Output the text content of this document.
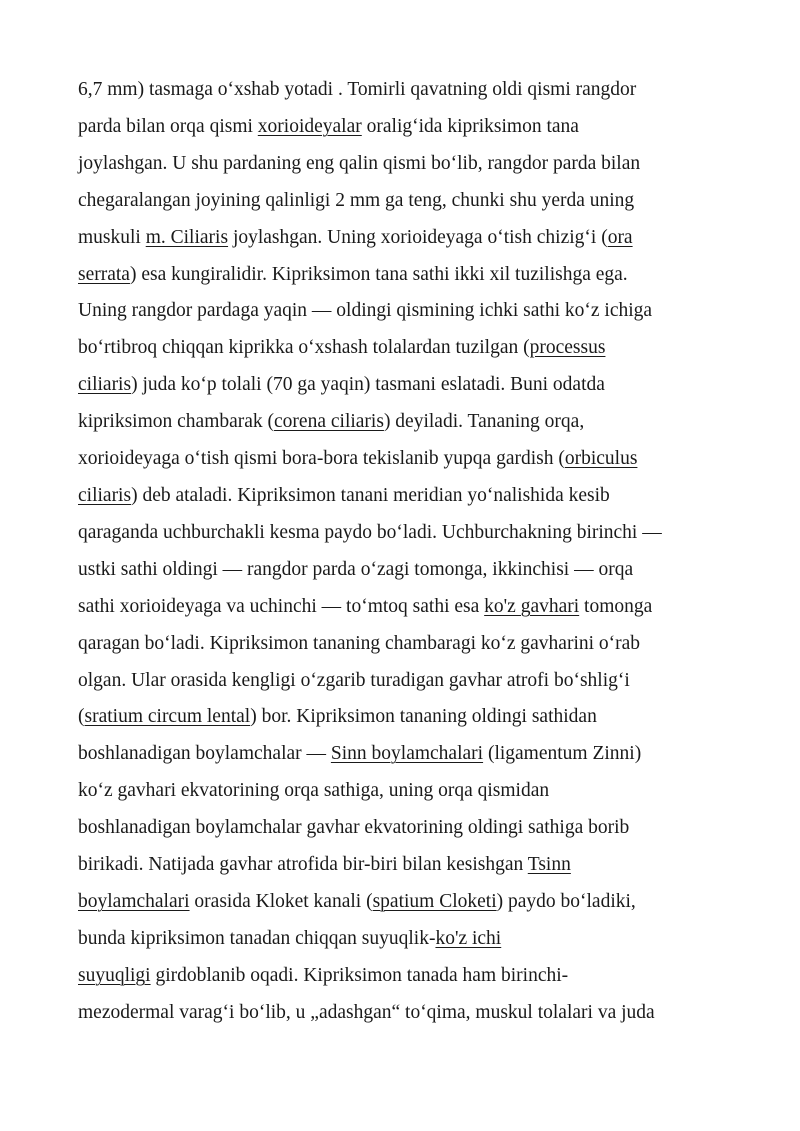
6,7 mm) tasmaga oʻxshab yotadi . Tomirli qavatning oldi qismi rangdor
parda bilan orqa qismi xorioideyalar oraligʻida kipriksimon tana
joylashgan. U shu pardaning eng qalin qismi boʻlib, rangdor parda bilan
chegaralangan joyining qalinligi 2 mm ga teng, chunki shu yerda uning
muskuli m. Ciliaris joylashgan. Uning xorioideyaga oʻtish chizigʻi (ora
serrata) esa kungiralidir. Kipriksimon tana sathi ikki xil tuzilishga ega.
Uning rangdor pardaga yaqin — oldingi qismining ichki sathi koʻz ichiga
boʻrtibroq chiqqan kiprikka oʻxshash tolalardan tuzilgan (processus
ciliaris) juda koʻp tolali (70 ga yaqin) tasmani eslatadi. Buni odatda
kipriksimon chambarak (corena ciliaris) deyiladi. Tananing orqa,
xorioideyaga oʻtish qismi bora-bora tekislanib yupqa gardish (orbiculus
ciliaris) deb ataladi. Kipriksimon tanani meridian yoʻnalishida kesib
qaraganda uchburchakli kesma paydo boʻladi. Uchburchakning birinchi —
ustki sathi oldingi — rangdor parda oʻzagi tomonga, ikkinchisi — orqa
sathi xorioideyaga va uchinchi — toʻmtoq sathi esa ko'z gavhari tomonga
qaragan boʻladi. Kipriksimon tananing chambaragi koʻz gavharini oʻrab
olgan. Ular orasida kengligi oʻzgarib turadigan gavhar atrofi boʻshligʻi
(sratium circum lental) bor. Kipriksimon tananing oldingi sathidan
boshlanadigan boylamchalar — Sinn boylamchalari (ligamentum Zinni)
koʻz gavhari ekvatorining orqa sathiga, uning orqa qismidan
boshlanadigan boylamchalar gavhar ekvatorining oldingi sathiga borib
birikadi. Natijada gavhar atrofida bir-biri bilan kesishgan Tsinn
boylamchalari orasida Kloket kanali (spatium Cloketi) paydo boʻladiki,
bunda kipriksimon tanadan chiqqan suyuqlik-ko'z ichi
suyuqligi girdoblanib oqadi. Kipriksimon tanada ham birinchi-
mezodermal varagʻi boʻlib, u „adashgan“ toʻqima, muskul tolalari va juda
